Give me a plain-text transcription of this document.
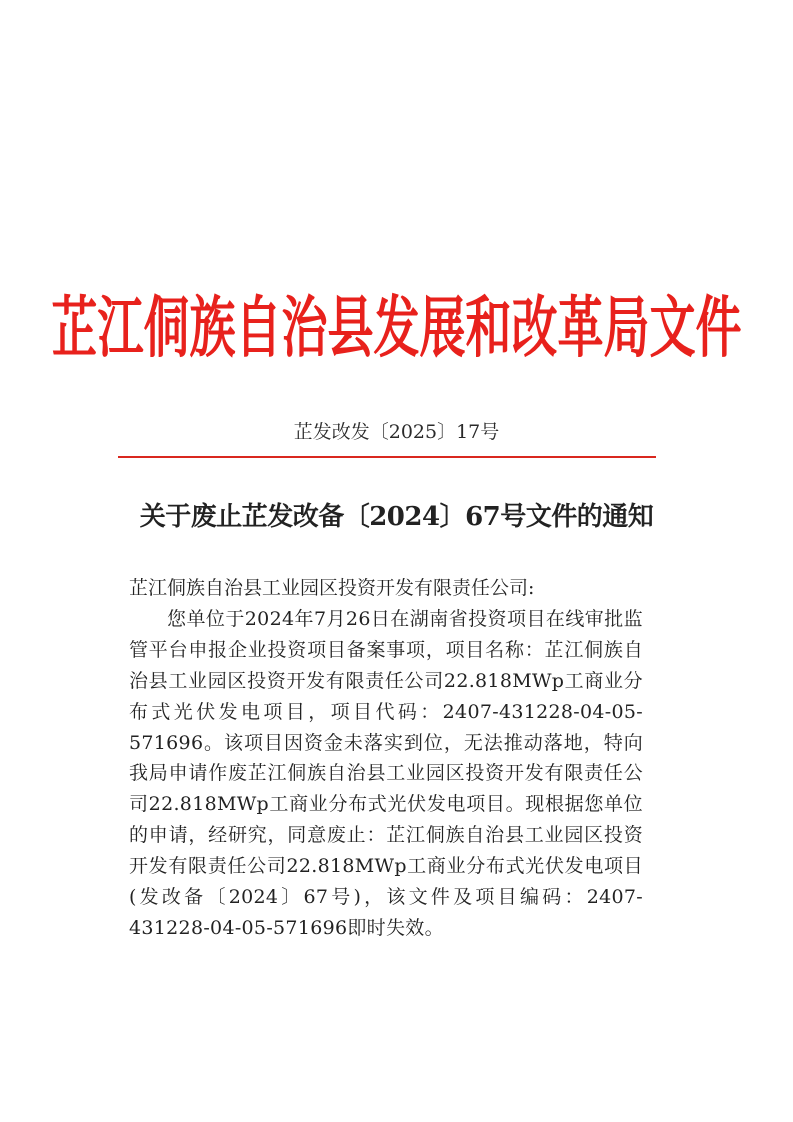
芷江侗族自治县发展和改革局文件
芷发改发〔2025〕17号
关于废止芷发改备〔2024〕67号文件的通知

芷江侗族自治县工业园区投资开发有限责任公司:

您单位于2024年7月26日在湖南省投资项目在线审批监管平台申报企业投资项目备案事项，项目名称：芷江侗族自治县工业园区投资开发有限责任公司22.818MWp工商业分布式光伏发电项目，项目代码：2407-431228-04-05-571696。该项目因资金未落实到位，无法推动落地，特向我局申请作废芷江侗族自治县工业园区投资开发有限责任公司22.818MWp工商业分布式光伏发电项目。现根据您单位的申请，经研究，同意废止：芷江侗族自治县工业园区投资开发有限责任公司22.818MWp工商业分布式光伏发电项目(发改备〔2024〕67号)，该文件及项目编码：2407-431228-04-05-571696即时失效。
